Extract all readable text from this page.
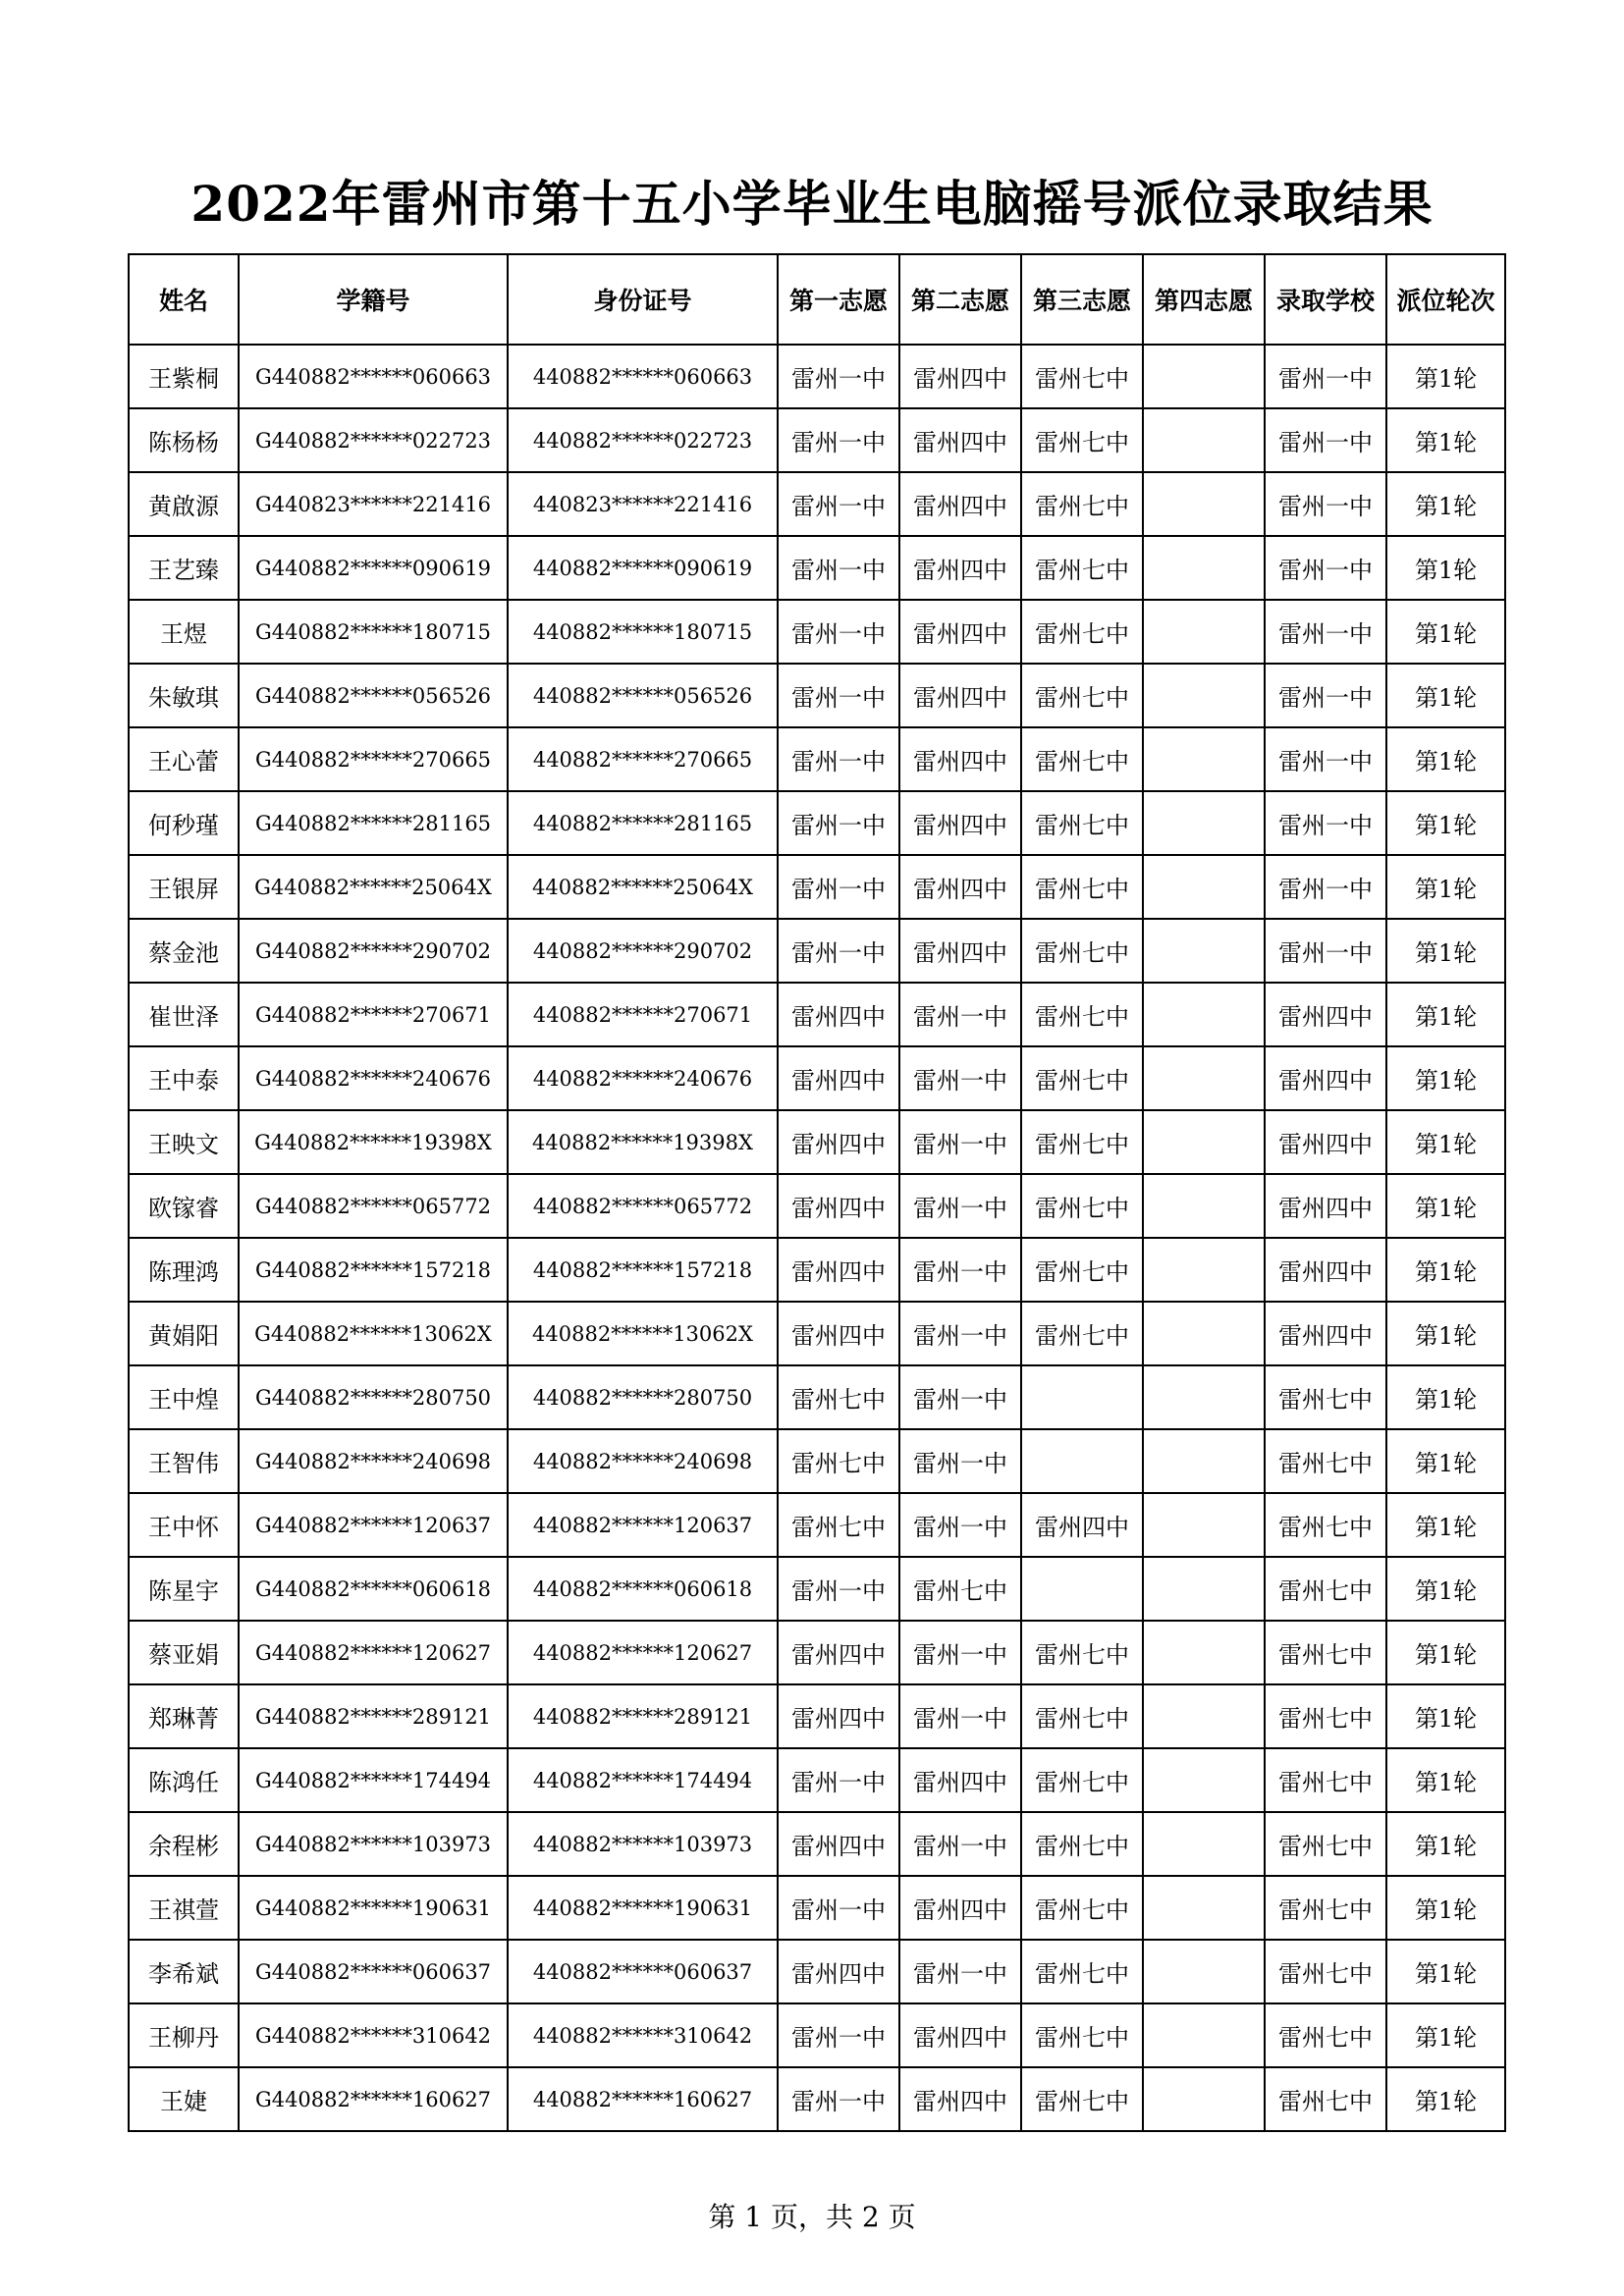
2022年雷州市第十五小学毕业生电脑摇号派位录取结果
姓名	学籍号	身份证号	第一志愿	第二志愿	第三志愿	第四志愿	录取学校	派位轮次
王紫桐	G440882******060663	440882******060663	雷州一中	雷州四中	雷州七中		雷州一中	第1轮
陈杨杨	G440882******022723	440882******022723	雷州一中	雷州四中	雷州七中		雷州一中	第1轮
黄啟源	G440823******221416	440823******221416	雷州一中	雷州四中	雷州七中		雷州一中	第1轮
王艺臻	G440882******090619	440882******090619	雷州一中	雷州四中	雷州七中		雷州一中	第1轮
王煜	G440882******180715	440882******180715	雷州一中	雷州四中	雷州七中		雷州一中	第1轮
朱敏琪	G440882******056526	440882******056526	雷州一中	雷州四中	雷州七中		雷州一中	第1轮
王心蕾	G440882******270665	440882******270665	雷州一中	雷州四中	雷州七中		雷州一中	第1轮
何秒瑾	G440882******281165	440882******281165	雷州一中	雷州四中	雷州七中		雷州一中	第1轮
王银屏	G440882******25064X	440882******25064X	雷州一中	雷州四中	雷州七中		雷州一中	第1轮
蔡金池	G440882******290702	440882******290702	雷州一中	雷州四中	雷州七中		雷州一中	第1轮
崔世泽	G440882******270671	440882******270671	雷州四中	雷州一中	雷州七中		雷州四中	第1轮
王中泰	G440882******240676	440882******240676	雷州四中	雷州一中	雷州七中		雷州四中	第1轮
王映文	G440882******19398X	440882******19398X	雷州四中	雷州一中	雷州七中		雷州四中	第1轮
欧镓睿	G440882******065772	440882******065772	雷州四中	雷州一中	雷州七中		雷州四中	第1轮
陈理鸿	G440882******157218	440882******157218	雷州四中	雷州一中	雷州七中		雷州四中	第1轮
黄娟阳	G440882******13062X	440882******13062X	雷州四中	雷州一中	雷州七中		雷州四中	第1轮
王中煌	G440882******280750	440882******280750	雷州七中	雷州一中			雷州七中	第1轮
王智伟	G440882******240698	440882******240698	雷州七中	雷州一中			雷州七中	第1轮
王中怀	G440882******120637	440882******120637	雷州七中	雷州一中	雷州四中		雷州七中	第1轮
陈星宇	G440882******060618	440882******060618	雷州一中	雷州七中			雷州七中	第1轮
蔡亚娟	G440882******120627	440882******120627	雷州四中	雷州一中	雷州七中		雷州七中	第1轮
郑琳菁	G440882******289121	440882******289121	雷州四中	雷州一中	雷州七中		雷州七中	第1轮
陈鸿任	G440882******174494	440882******174494	雷州一中	雷州四中	雷州七中		雷州七中	第1轮
余程彬	G440882******103973	440882******103973	雷州四中	雷州一中	雷州七中		雷州七中	第1轮
王祺萱	G440882******190631	440882******190631	雷州一中	雷州四中	雷州七中		雷州七中	第1轮
李希斌	G440882******060637	440882******060637	雷州四中	雷州一中	雷州七中		雷州七中	第1轮
王柳丹	G440882******310642	440882******310642	雷州一中	雷州四中	雷州七中		雷州七中	第1轮
王婕	G440882******160627	440882******160627	雷州一中	雷州四中	雷州七中		雷州七中	第1轮
第 1 页，共 2 页
